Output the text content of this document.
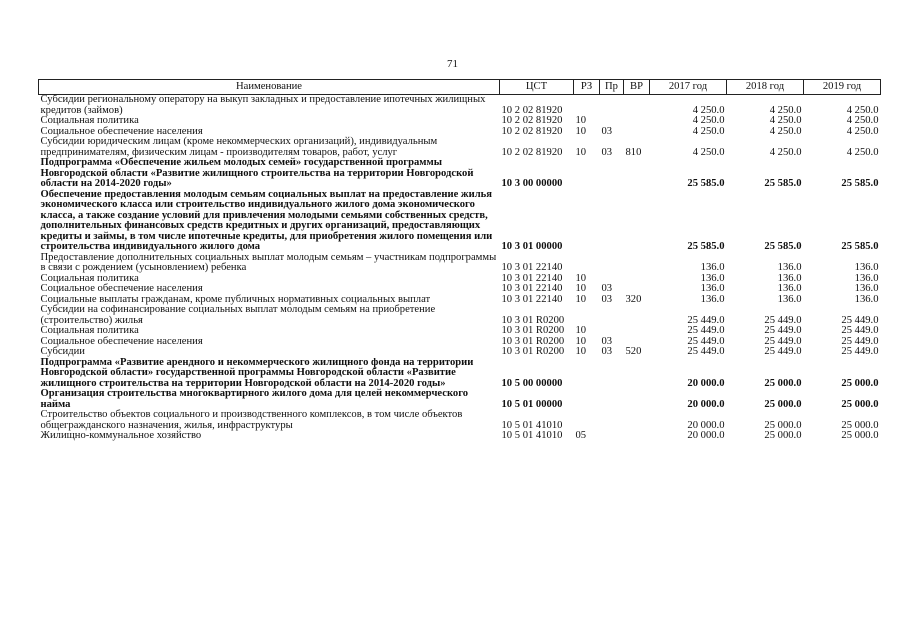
71
Наименование	ЦСТ	РЗ	Пр	ВР	2017 год	2018 год	2019 год
Субсидии региональному оператору на выкуп закладных и предоставление ипотечных жилищных кредитов (займов)	10 2 02 81920				4 250.0	4 250.0	4 250.0
Социальная политика	10 2 02 81920	10			4 250.0	4 250.0	4 250.0
Социальное обеспечение населения	10 2 02 81920	10	03		4 250.0	4 250.0	4 250.0
Субсидии юридическим лицам (кроме некоммерческих организаций), индивидуальным предпринимателям, физическим лицам - производителям товаров, работ, услуг	10 2 02 81920	10	03	810	4 250.0	4 250.0	4 250.0
Подпрограмма «Обеспечение жильем молодых семей» государственной программы Новгородской области «Развитие жилищного строительства на территории Новгородской области на 2014-2020 годы»	10 3 00 00000				25 585.0	25 585.0	25 585.0
Обеспечение предоставления молодым семьям социальных выплат на предоставление жилья экономического класса или строительство индивидуального жилого дома экономического класса, а также создание условий для привлечения молодыми семьями собственных средств, дополнительных финансовых средств кредитных и других организаций, предоставляющих кредиты и займы, в том числе ипотечные кредиты, для приобретения жилого помещения или строительства индивидуального жилого дома	10 3 01 00000				25 585.0	25 585.0	25 585.0
Предоставление дополнительных социальных выплат молодым семьям – участникам подпрограммы в связи с рождением (усыновлением) ребенка	10 3 01 22140				136.0	136.0	136.0
Социальная политика	10 3 01 22140	10			136.0	136.0	136.0
Социальное обеспечение населения	10 3 01 22140	10	03		136.0	136.0	136.0
Социальные выплаты гражданам, кроме публичных нормативных социальных выплат	10 3 01 22140	10	03	320	136.0	136.0	136.0
Субсидии на софинансирование социальных выплат молодым семьям на приобретение (строительство) жилья	10 3 01 R0200				25 449.0	25 449.0	25 449.0
Социальная политика	10 3 01 R0200	10			25 449.0	25 449.0	25 449.0
Социальное обеспечение населения	10 3 01 R0200	10	03		25 449.0	25 449.0	25 449.0
Субсидии	10 3 01 R0200	10	03	520	25 449.0	25 449.0	25 449.0
Подпрограмма «Развитие арендного и некоммерческого жилищного фонда на территории Новгородской области» государственной программы Новгородской области «Развитие жилищного строительства на территории Новгородской области на 2014-2020 годы»	10 5 00 00000				20 000.0	25 000.0	25 000.0
Организация строительства многоквартирного жилого дома для целей некоммерческого найма	10 5 01 00000				20 000.0	25 000.0	25 000.0
Строительство объектов социального и производственного комплексов, в том числе объектов общегражданского назначения, жилья, инфраструктуры	10 5 01 41010				20 000.0	25 000.0	25 000.0
Жилищно-коммунальное хозяйство	10 5 01 41010	05			20 000.0	25 000.0	25 000.0
